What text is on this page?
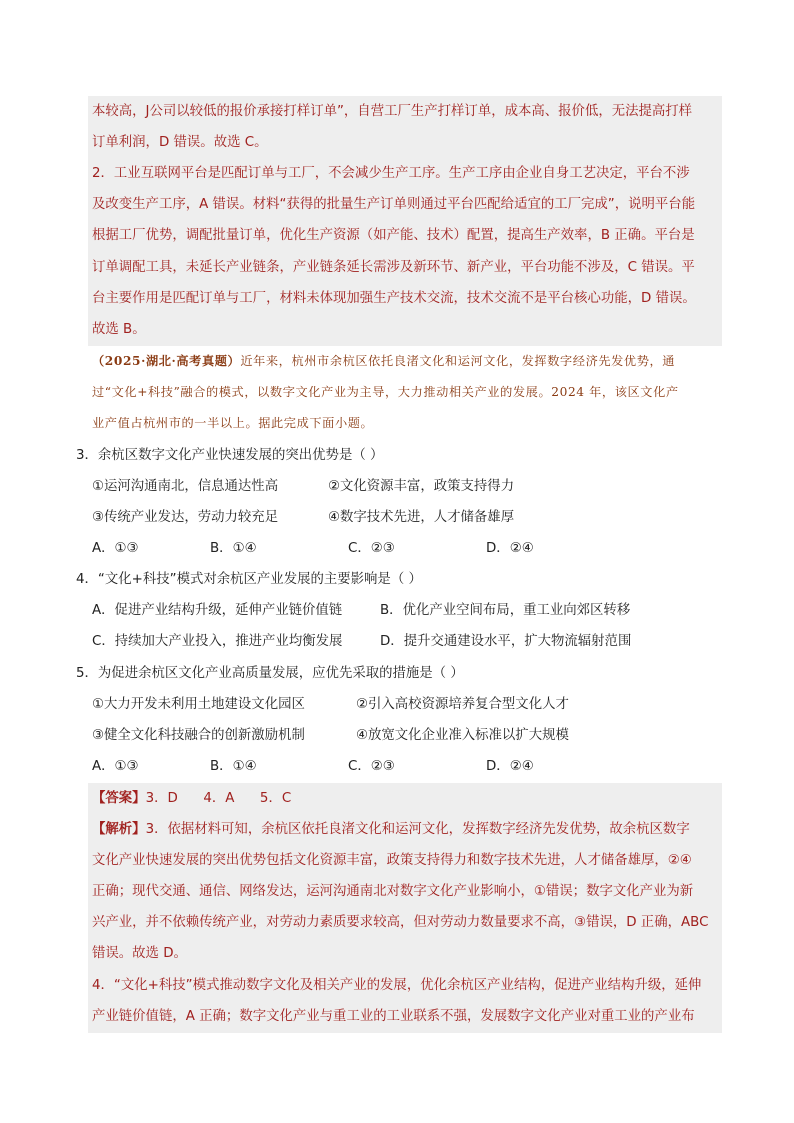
本较高，J公司以较低的报价承接打样订单”，自营工厂生产打样订单，成本高、报价低，无法提高打样
订单利润，D 错误。故选 C。
2．工业互联网平台是匹配订单与工厂，不会减少生产工序。生产工序由企业自身工艺决定，平台不涉
及改变生产工序，A 错误。材料“获得的批量生产订单则通过平台匹配给适宜的工厂完成”，说明平台能
根据工厂优势，调配批量订单，优化生产资源（如产能、技术）配置，提高生产效率，B 正确。平台是
订单调配工具，未延长产业链条，产业链条延长需涉及新环节、新产业，平台功能不涉及，C 错误。平
台主要作用是匹配订单与工厂，材料未体现加强生产技术交流，技术交流不是平台核心功能，D 错误。
故选 B。
（2025·湖北·高考真题）近年来，杭州市余杭区依托良渚文化和运河文化，发挥数字经济先发优势，通
过“文化+科技”融合的模式，以数字文化产业为主导，大力推动相关产业的发展。2024 年，该区文化产
业产值占杭州市的一半以上。据此完成下面小题。
3．余杭区数字文化产业快速发展的突出优势是（ ）
①运河沟通南北，信息通达性高	②文化资源丰富，政策支持得力
③传统产业发达，劳动力较充足	④数字技术先进，人才储备雄厚
A．①③	B．①④	C．②③	D．②④
4．“文化+科技”模式对余杭区产业发展的主要影响是（ ）
A．促进产业结构升级，延伸产业链价值链	B．优化产业空间布局，重工业向郊区转移
C．持续加大产业投入，推进产业均衡发展	D．提升交通建设水平，扩大物流辐射范围
5．为促进余杭区文化产业高质量发展，应优先采取的措施是（ ）
①大力开发未利用土地建设文化园区	②引入高校资源培养复合型文化人才
③健全文化科技融合的创新激励机制	④放宽文化企业准入标准以扩大规模
A．①③	B．①④	C．②③	D．②④
【答案】3．D      4．A      5．C
【解析】3．依据材料可知，余杭区依托良渚文化和运河文化，发挥数字经济先发优势，故余杭区数字
文化产业快速发展的突出优势包括文化资源丰富，政策支持得力和数字技术先进，人才储备雄厚，②④
正确；现代交通、通信、网络发达，运河沟通南北对数字文化产业影响小，①错误；数字文化产业为新
兴产业，并不依赖传统产业，对劳动力素质要求较高，但对劳动力数量要求不高，③错误，D 正确，ABC
错误。故选 D。
4．“文化+科技”模式推动数字文化及相关产业的发展，优化余杭区产业结构，促进产业结构升级，延伸
产业链价值链，A 正确；数字文化产业与重工业的工业联系不强，发展数字文化产业对重工业的产业布
